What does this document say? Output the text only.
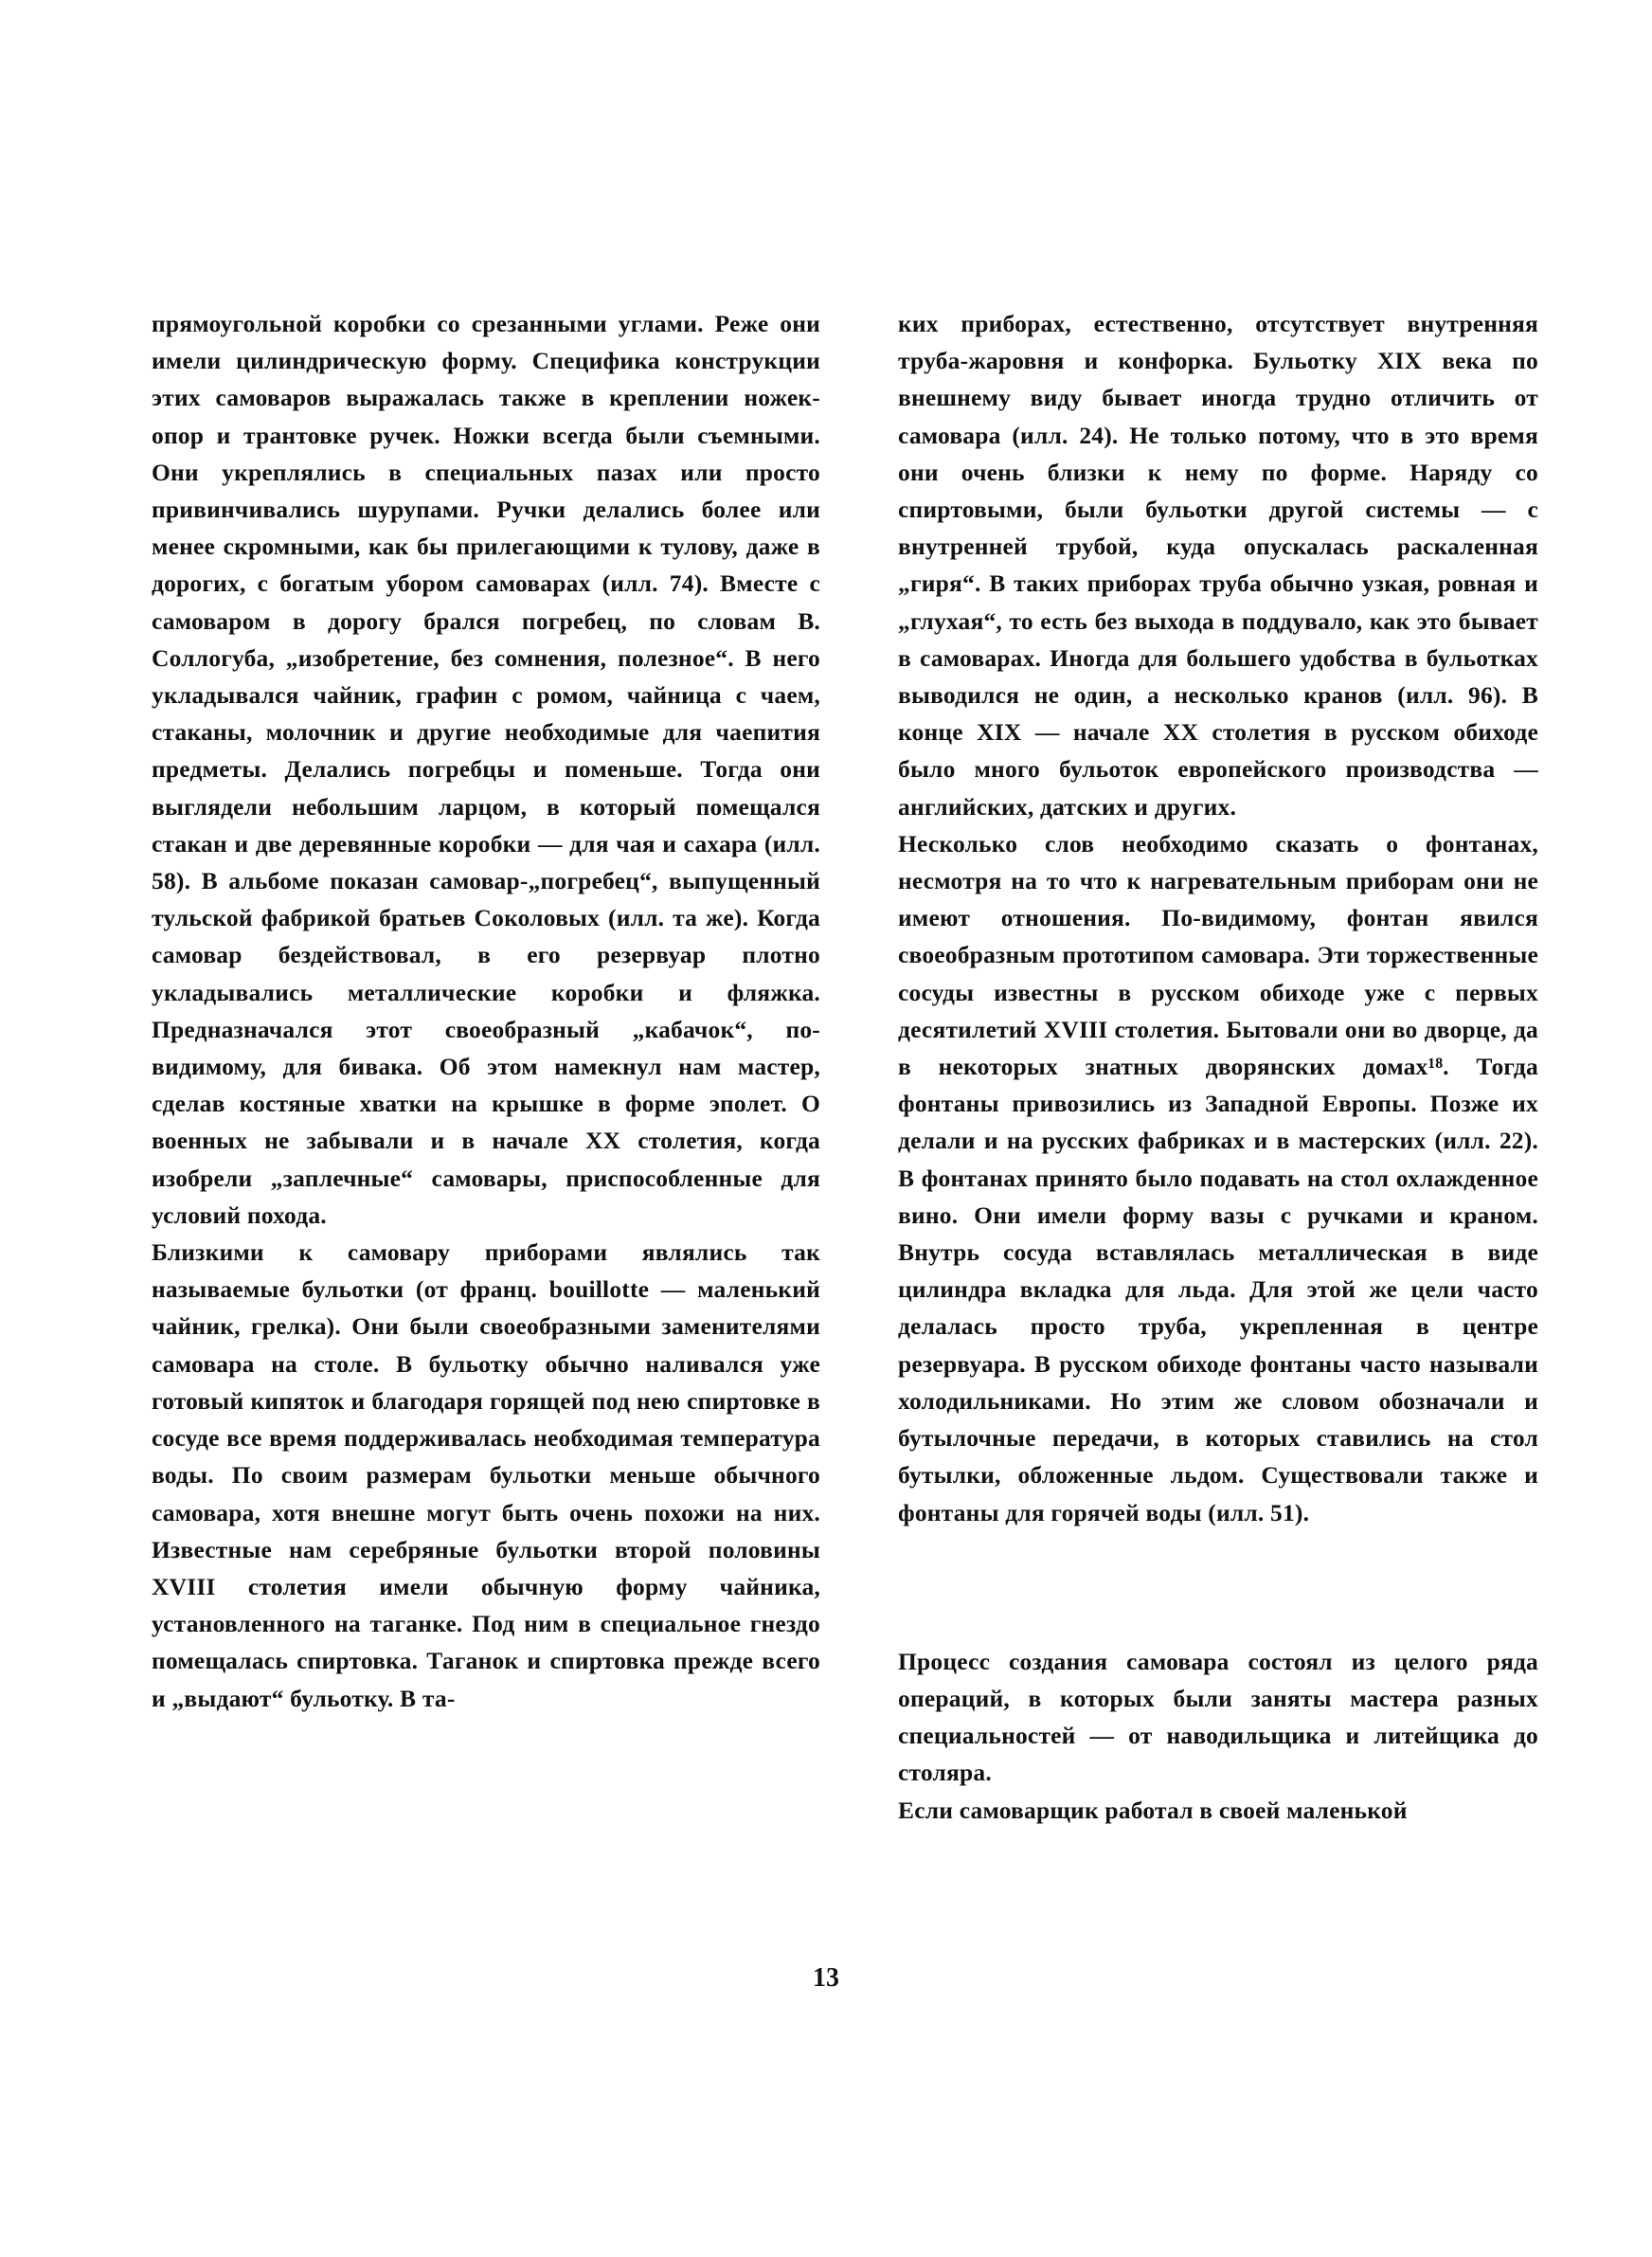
прямоугольной коробки со срезанными углами. Реже они имели цилиндрическую форму. Специфика конструкции этих самоваров выражалась также в креплении ножек-опор и трантовке ручек. Ножки всегда были съемными. Они укреплялись в специальных пазах или просто привинчивались шурупами. Ручки делались более или менее скромными, как бы прилегающими к тулову, даже в дорогих, с богатым убором самоварах (илл. 74). Вместе с самоваром в дорогу брался погребец, по словам В. Соллогуба, „изобретение, без сомнения, полезное“. В него укладывался чайник, графин с ромом, чайница с чаем, стаканы, молочник и другие необходимые для чаепития предметы. Делались погребцы и поменьше. Тогда они выглядели небольшим ларцом, в который помещался стакан и две деревянные коробки — для чая и сахара (илл. 58). В альбоме показан самовар-„погребец“, выпущенный тульской фабрикой братьев Соколовых (илл. та же). Когда самовар бездействовал, в его резервуар плотно укладывались металлические коробки и фляжка. Предназначался этот своеобразный „кабачок“, по-видимому, для бивака. Об этом намекнул нам мастер, сделав костяные хватки на крышке в форме эполет. О военных не забывали и в начале XX столетия, когда изобрели „заплечные“ самовары, приспособленные для условий похода.

Близкими к самовару приборами являлись так называемые бульотки (от франц. bouillotte — маленький чайник, грелка). Они были своеобразными заменителями самовара на столе. В бульотку обычно наливался уже готовый кипяток и благодаря горящей под нею спиртовке в сосуде все время поддерживалась необходимая температура воды. По своим размерам бульотки меньше обычного самовара, хотя внешне могут быть очень похожи на них. Известные нам серебряные бульотки второй половины XVIII столетия имели обычную форму чайника, установленного на таганке. Под ним в специальное гнездо помещалась спиртовка. Таганок и спиртовка прежде всего и „выдают“ бульотку. В та-

ких приборах, естественно, отсутствует внутренняя труба-жаровня и конфорка. Бульотку XIX века по внешнему виду бывает иногда трудно отличить от самовара (илл. 24). Не только потому, что в это время они очень близки к нему по форме. Наряду со спиртовыми, были бульотки другой системы — с внутренней трубой, куда опускалась раскаленная „гиря“. В таких приборах труба обычно узкая, ровная и „глухая“, то есть без выхода в поддувало, как это бывает в самоварах. Иногда для большего удобства в бульотках выводился не один, а несколько кранов (илл. 96). В конце XIX — начале XX столетия в русском обиходе было много бульоток европейского производства — английских, датских и других.

Несколько слов необходимо сказать о фонтанах, несмотря на то что к нагревательным приборам они не имеют отношения. По-видимому, фонтан явился своеобразным прототипом самовара. Эти торжественные сосуды известны в русском обиходе уже с первых десятилетий XVIII столетия. Бытовали они во дворце, да в некоторых знатных дворянских домах¹⁸. Тогда фонтаны привозились из Западной Европы. Позже их делали и на русских фабриках и в мастерских (илл. 22). В фонтанах принято было подавать на стол охлажденное вино. Они имели форму вазы с ручками и краном. Внутрь сосуда вставлялась металлическая в виде цилиндра вкладка для льда. Для этой же цели часто делалась просто труба, укрепленная в центре резервуара. В русском обиходе фонтаны часто называли холодильниками. Но этим же словом обозначали и бутылочные передачи, в которых ставились на стол бутылки, обложенные льдом. Существовали также и фонтаны для горячей воды (илл. 51).

Процесс создания самовара состоял из целого ряда операций, в которых были заняты мастера разных специальностей — от наводильщика и литейщика до столяра.

Если самоварщик работал в своей маленькой

13
